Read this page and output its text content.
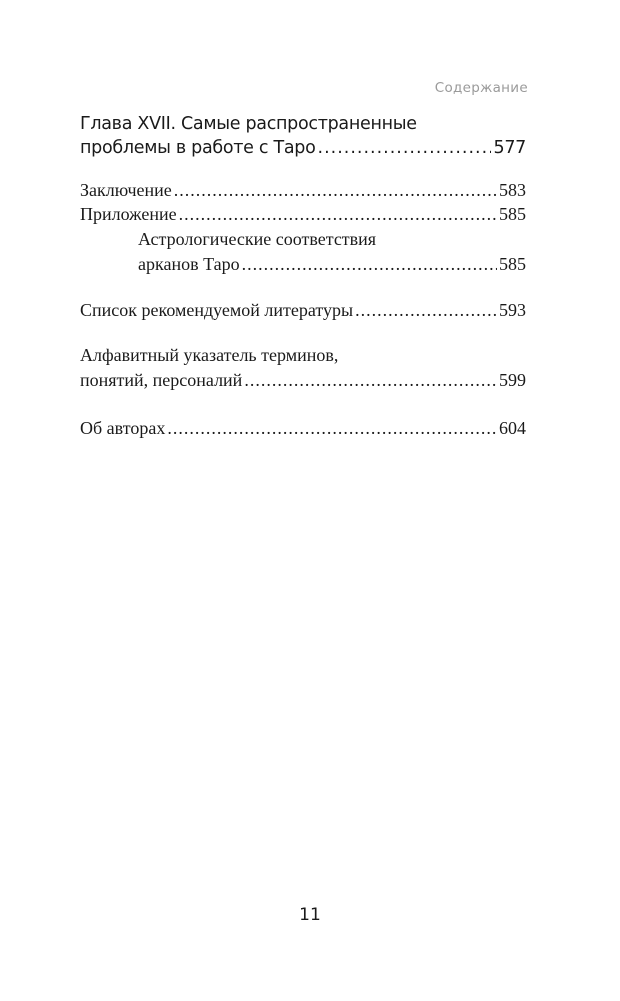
Содержание
Глава XVII. Самые распространенные
проблемы в работе с Таро .....	577
Заключение .....	583
Приложение .....	585
Астрологические соответствия
арканов Таро .....	585
Список рекомендуемой литературы .....	593
Алфавитный указатель терминов,
понятий, персоналий .....	599
Об авторах .....	604
11
